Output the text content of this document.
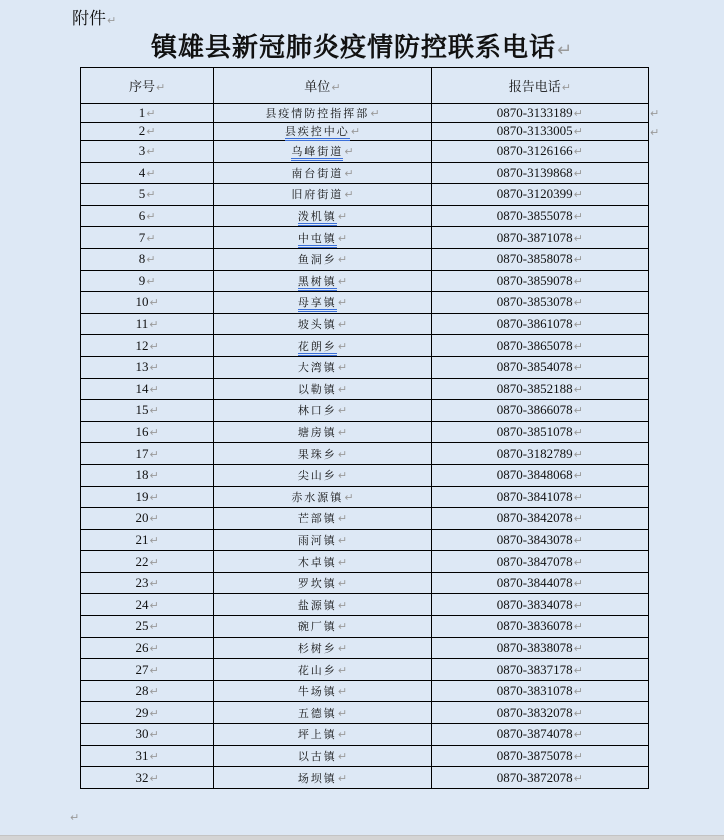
附件↵
镇雄县新冠肺炎疫情防控联系电话↵
序号↵	单位↵	报告电话↵
1↵	县疫情防控指挥部↵	0870-3133189↵
2↵	县疾控中心↵	0870-3133005↵
3↵	乌峰街道↵	0870-3126166↵
4↵	南台街道↵	0870-3139868↵
5↵	旧府街道↵	0870-3120399↵
6↵	泼机镇↵	0870-3855078↵
7↵	中屯镇↵	0870-3871078↵
8↵	鱼洞乡↵	0870-3858078↵
9↵	黑树镇↵	0870-3859078↵
10↵	母享镇↵	0870-3853078↵
11↵	坡头镇↵	0870-3861078↵
12↵	花朗乡↵	0870-3865078↵
13↵	大湾镇↵	0870-3854078↵
14↵	以勒镇↵	0870-3852188↵
15↵	林口乡↵	0870-3866078↵
16↵	塘房镇↵	0870-3851078↵
17↵	果珠乡↵	0870-3182789↵
18↵	尖山乡↵	0870-3848068↵
19↵	赤水源镇↵	0870-3841078↵
20↵	芒部镇↵	0870-3842078↵
21↵	雨河镇↵	0870-3843078↵
22↵	木卓镇↵	0870-3847078↵
23↵	罗坎镇↵	0870-3844078↵
24↵	盐源镇↵	0870-3834078↵
25↵	碗厂镇↵	0870-3836078↵
26↵	杉树乡↵	0870-3838078↵
27↵	花山乡↵	0870-3837178↵
28↵	牛场镇↵	0870-3831078↵
29↵	五德镇↵	0870-3832078↵
30↵	坪上镇↵	0870-3874078↵
31↵	以古镇↵	0870-3875078↵
32↵	场坝镇↵	0870-3872078↵
↵
↵
↵
